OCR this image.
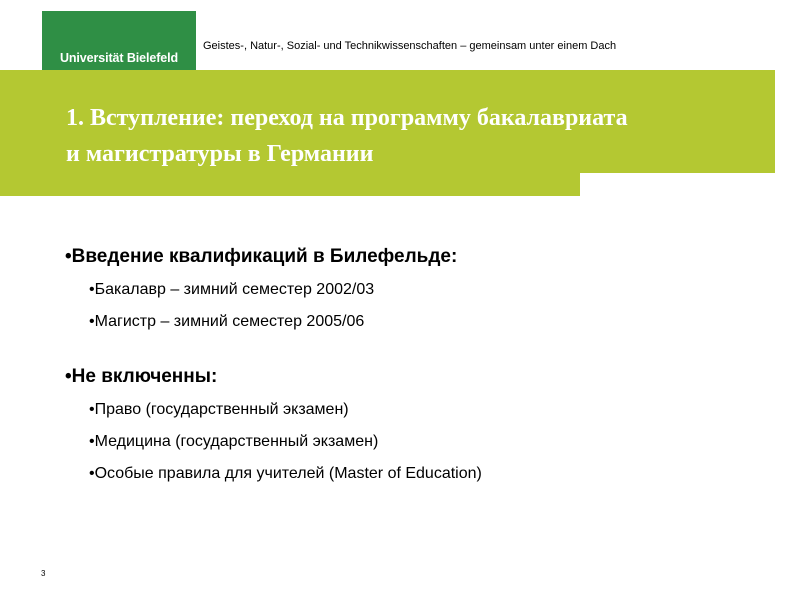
Universität Bielefeld
Geistes-, Natur-, Sozial- und Technikwissenschaften – gemeinsam unter einem Dach
1. Вступление: переход на программу бакалавриата
и магистратуры в Германии
•Введение квалификаций в Билефельде:
•Бакалавр – зимний семестер 2002/03
•Магистр – зимний семестер 2005/06
•Не включенны:
•Право (государственный экзамен)
•Медицина (государственный экзамен)
•Особые правила для учителей (Master of Education)
3
